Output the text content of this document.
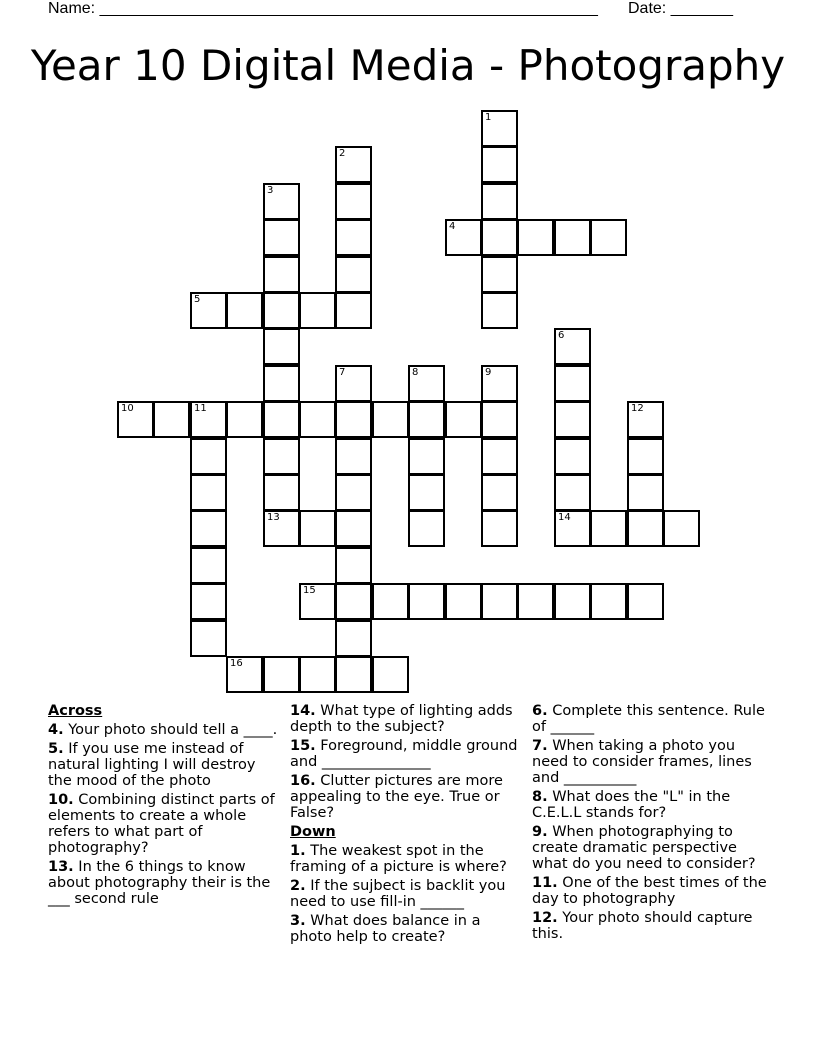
Name: ________________________________________________________ Date: _______
Year 10 Digital Media - Photography
1
2
3
13
4
5
6
14
7	8	9
10	11	12
15
16
Across
4. Your photo should tell a ____.
5. If you use me instead of natural lighting I will destroy the mood of the photo
10. Combining distinct parts of elements to create a whole refers to what part of photography?
13. In the 6 things to know about photography their is the ___ second rule
14. What type of lighting adds depth to the subject?
15. Foreground, middle ground and _______________
16. Clutter pictures are more appealing to the eye. True or False?
Down
1. The weakest spot in the framing of a picture is where?
2. If the sujbect is backlit you need to use fill-in ______
3. What does balance in a photo help to create?
6. Complete this sentence. Rule of ______
7. When taking a photo you need to consider frames, lines and __________
8. What does the "L" in the C.E.L.L stands for?
9. When photographying to create dramatic perspective what do you need to consider?
11. One of the best times of the day to photography
12. Your photo should capture this.
